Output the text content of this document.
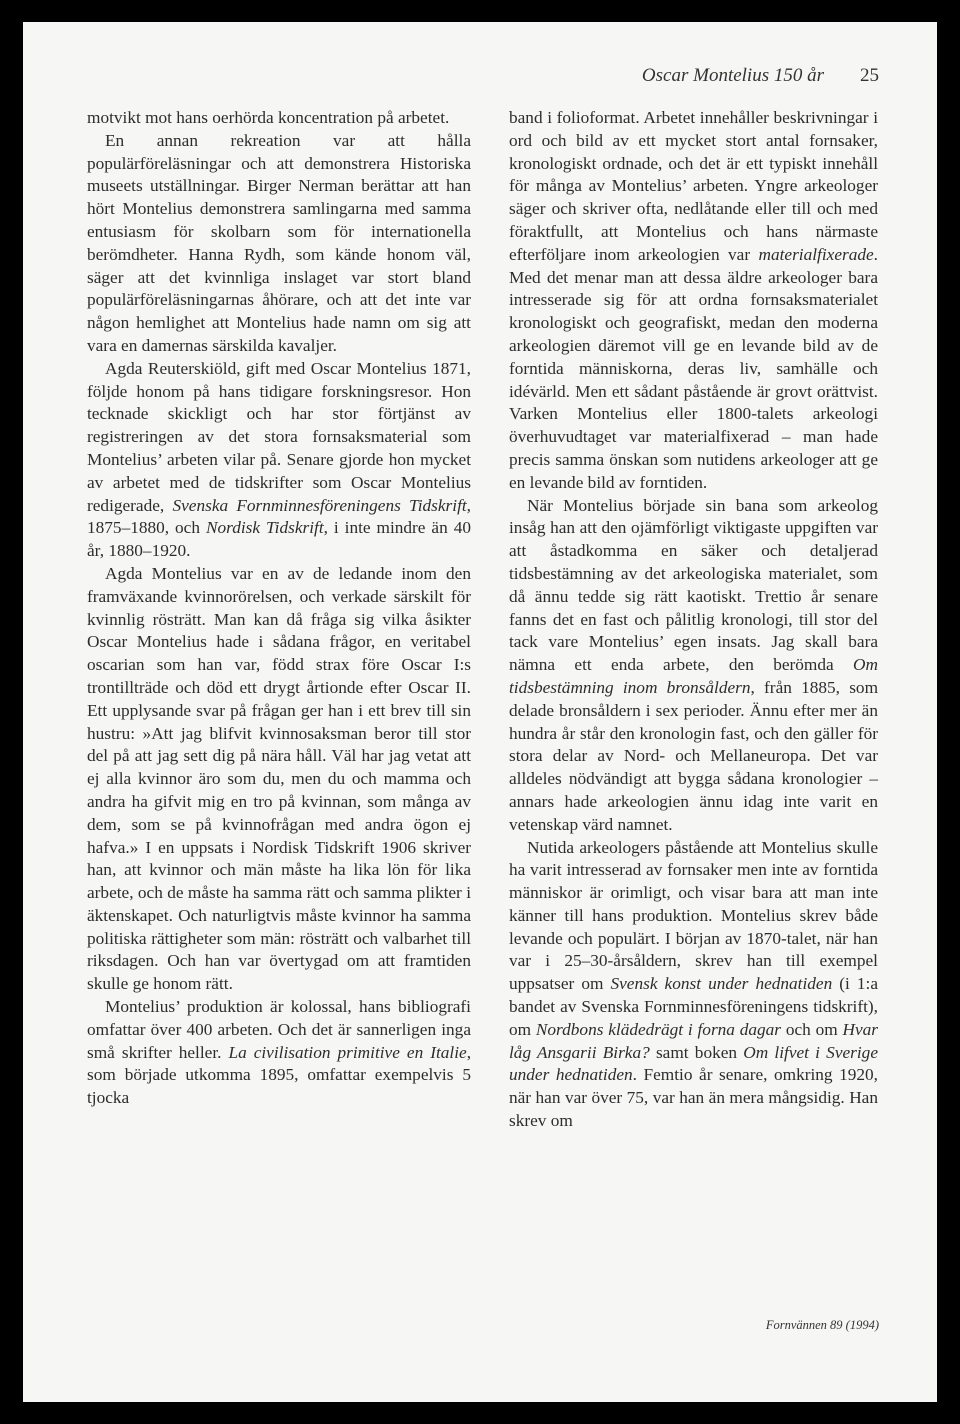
Oscar Montelius 150 år 25

motvikt mot hans oerhörda koncentration på arbetet.

En annan rekreation var att hålla populärföreläsningar och att demonstrera Historiska museets utställningar. Birger Nerman berättar att han hört Montelius demonstrera samlingarna med samma entusiasm för skolbarn som för internationella berömdheter. Hanna Rydh, som kände honom väl, säger att det kvinnliga inslaget var stort bland populärföreläsningarnas åhörare, och att det inte var någon hemlighet att Montelius hade namn om sig att vara en damernas särskilda kavaljer.

Agda Reuterskiöld, gift med Oscar Montelius 1871, följde honom på hans tidigare forskningsresor. Hon tecknade skickligt och har stor förtjänst av registreringen av det stora fornsaksmaterial som Montelius’ arbeten vilar på. Senare gjorde hon mycket av arbetet med de tidskrifter som Oscar Montelius redigerade, Svenska Fornminnesföreningens Tidskrift, 1875–1880, och Nordisk Tidskrift, i inte mindre än 40 år, 1880–1920.

Agda Montelius var en av de ledande inom den framväxande kvinnorörelsen, och verkade särskilt för kvinnlig rösträtt. Man kan då fråga sig vilka åsikter Oscar Montelius hade i sådana frågor, en veritabel oscarian som han var, född strax före Oscar I:s trontillträde och död ett drygt årtionde efter Oscar II. Ett upplysande svar på frågan ger han i ett brev till sin hustru: »Att jag blifvit kvinnosaksman beror till stor del på att jag sett dig på nära håll. Väl har jag vetat att ej alla kvinnor äro som du, men du och mamma och andra ha gifvit mig en tro på kvinnan, som många av dem, som se på kvinnofrågan med andra ögon ej hafva.» I en uppsats i Nordisk Tidskrift 1906 skriver han, att kvinnor och män måste ha lika lön för lika arbete, och de måste ha samma rätt och samma plikter i äktenskapet. Och naturligtvis måste kvinnor ha samma politiska rättigheter som män: rösträtt och valbarhet till riksdagen. Och han var övertygad om att framtiden skulle ge honom rätt.

Montelius’ produktion är kolossal, hans bibliografi omfattar över 400 arbeten. Och det är sannerligen inga små skrifter heller. La civilisation primitive en Italie, som började utkomma 1895, omfattar exempelvis 5 tjocka

band i folioformat. Arbetet innehåller beskrivningar i ord och bild av ett mycket stort antal fornsaker, kronologiskt ordnade, och det är ett typiskt innehåll för många av Montelius’ arbeten. Yngre arkeologer säger och skriver ofta, nedlåtande eller till och med föraktfullt, att Montelius och hans närmaste efterföljare inom arkeologien var materialfixerade. Med det menar man att dessa äldre arkeologer bara intresserade sig för att ordna fornsaksmaterialet kronologiskt och geografiskt, medan den moderna arkeologien däremot vill ge en levande bild av de forntida människorna, deras liv, samhälle och idévärld. Men ett sådant påstående är grovt orättvist. Varken Montelius eller 1800-talets arkeologi överhuvudtaget var materialfixerad – man hade precis samma önskan som nutidens arkeologer att ge en levande bild av forntiden.

När Montelius började sin bana som arkeolog insåg han att den ojämförligt viktigaste uppgiften var att åstadkomma en säker och detaljerad tidsbestämning av det arkeologiska materialet, som då ännu tedde sig rätt kaotiskt. Trettio år senare fanns det en fast och pålitlig kronologi, till stor del tack vare Montelius’ egen insats. Jag skall bara nämna ett enda arbete, den berömda Om tidsbestämning inom bronsåldern, från 1885, som delade bronsåldern i sex perioder. Ännu efter mer än hundra år står den kronologin fast, och den gäller för stora delar av Nord- och Mellaneuropa. Det var alldeles nödvändigt att bygga sådana kronologier – annars hade arkeologien ännu idag inte varit en vetenskap värd namnet.

Nutida arkeologers påstående att Montelius skulle ha varit intresserad av fornsaker men inte av forntida människor är orimligt, och visar bara att man inte känner till hans produktion. Montelius skrev både levande och populärt. I början av 1870-talet, när han var i 25–30-årsåldern, skrev han till exempel uppsatser om Svensk konst under hednatiden (i 1:a bandet av Svenska Fornminnesföreningens tidskrift), om Nordbons klädedrägt i forna dagar och om Hvar låg Ansgarii Birka? samt boken Om lifvet i Sverige under hednatiden. Femtio år senare, omkring 1920, när han var över 75, var han än mera mångsidig. Han skrev om

Fornvännen 89 (1994)
